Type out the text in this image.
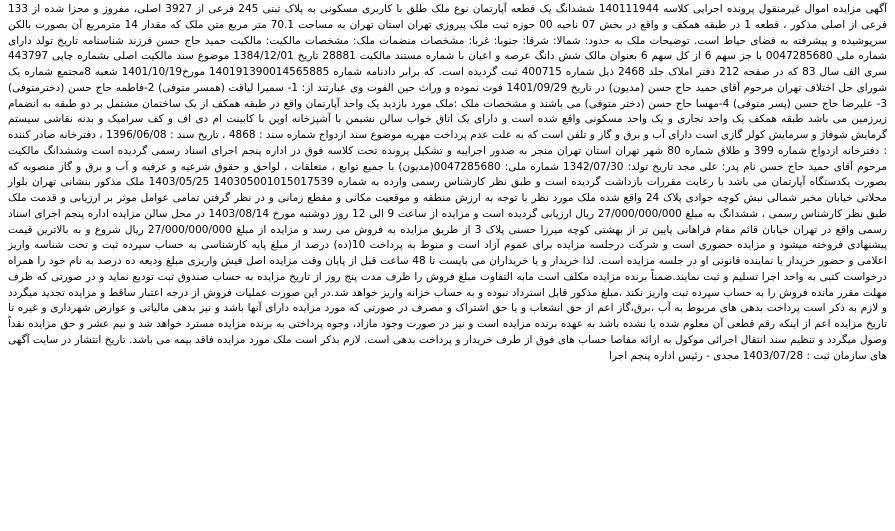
آگهی مزایده اموال غیرمنقول پرونده اجرایی کلاسه 140111944 ششدانگ یک قطعه آپارتمان نوع ملک طلق با کاربری مسکونی به پلاک ثبتی 245 فرعی از 3927 اصلی، مفروز و مجزا شده از 133 فرعی از اصلی مذکور ، قطعه 1 در طبقه همکف و واقع در بخش 07 ناحیه 00 حوزه ثبت ملک پیروزی تهران استان تهران به مساحت 70.1 متر مربع متن ملک که مقدار 14 مترمربع آن بصورت بالکن سرپوشیده و پیشرفته به فضای حیاط است. توضیحات ملک به حدود: شمالا: شرقا: جنوبا: غربا: مشخصات منضمات ملک: مشخصات مالکیت: مالکیت حمید حاج حسن فرزند شناسنامه تاریخ تولد دارای شماره ملی 0047285680 با جز سهم 6 از کل سهم 6 بعنوان مالک شش دانگ عرصه و اعیان با شماره مستند مالکیت 28881 تاریخ 1384/12/01 موضوع سند مالکیت اصلی بشماره چاپی 443797 سری الف سال 83 که در صفحه 212 دفتر املاک جلد 2468 ذیل شماره 400715 ثبت گردیده است. که برابر دادنامه شماره 140191390014565885 مورخ1401/10/19 شعبه 8مجتمع شماره یک شورای حل اختلاف تهران مرحوم آقای حمید حاج حسن (مدیون) در تاریخ 1401/09/29 فوت نموده و وراث حین الفوت وی عبارتند از: 1- سمیرا لیاقت (همسر متوفی) 2-فاطمه حاج حسن (دخترمتوفی) 3- علیرضا حاج حسن (پسر متوفی) 4-مهسا حاج حسن (دختر متوفی) می باشند و مشخصات ملک :ملک مورد بازدید یک واحد آپارتمان واقع در طبقه همکف از یک ساختمان مشتمل بر دو طبقه به انضمام زیرزمین می باشد طبقه همکف یک واحد تجاری و یک واحد مسکونی واقع شده است و دارای یک اتاق خواب سالن نشیمن با آشپزخانه اوپن با کابینت ام دی اف و کف سرامیک و بدنه نقاشی سیستم گرمایش شوفاژ و سرمایش کولر گازی است دارای آب و برق و گاز و تلفن است که به علت عدم پرداخت مهریه موضوع سند ازدواج شماره سند : 4868 ، تاریخ سند : 1396/06/08 ، دفترخانه صادر کننده : دفترخانه ازدواج شماره 399 و طلاق شماره 80 شهر تهران استان تهران منجر به صدور اجراییه و تشکیل پرونده تحت کلاسه فوق در اداره پنجم اجرای اسناد رسمی گردیده است وششدانگ مالکیت مرحوم آقای حمید حاج حسن نام پدر: علی مجد تاریخ تولد: 1342/07/30 شماره ملی: 0047285680(مدیون) با جمیع توابع ، متعلقات ، لواحق و حقوق شرعیه و عرفیه و آب و برق و گاز منصوبه که بصورت یکدستگاه آپارتمان می باشد با رعایت مقررات بازداشت گردیده است و طبق نظر کارشناس رسمی وارده به شماره 140305001015017539 1403/05/25 ملک مذکور بنشانی تهران بلوار محلاتی خیابان مخبر شمالی نبش کوچه جوادی پلاک 24 واقع شده ملک مورد نظر با توجه به ارزش منطقه و موقعیت مکانی و مقطع زمانی و در نظر گرفتن تمامی عوامل موثر بر ارزیابی و قدمت ملک طبق نظر کارشناس رسمی ، ششدانگ به مبلغ 27/000/000/000 ریال ارزیابی گردیده است و مزایده از ساعت 9 الی 12 روز دوشنبه مورخ 1403/08/14 در محل سالن مزایده اداره پنجم اجرای اسناد رسمی واقع در تهران خیابان قائم مقام فراهانی پایین تر از بهشتی کوچه میرزا حسنی پلاک 3 از طریق مزایده به فروش می رسد و مزایده از مبلغ 27/000/000/000 ریال شروع و به بالاترین قیمت پیشنهادی فروخته میشود و مزایده حضوری است و شرکت درجلسه مزایده برای عموم آزاد است و منوط به پرداخت 10(ده) درصد از مبلغ پایه کارشناسی به حساب سپرده ثبت و تحت شناسه واریز اعلامی و حضور خریدار یا نماینده قانونی او در جلسه مزایده است. لذا خریدار و یا خریداران می بایست تا 48 ساعت قبل از پایان وقت مزایده اصل فیش واریزی مبلغ ودیعه ده درصد به نام خود را همراه درخواست کتبی به واحد اجرا تسلیم و ثبت نمایند.ضمناً برنده مزایده مکلف است مابه التفاوت مبلغ فروش را ظرف مدت پنج روز از تاریخ مزایده به حساب صندوق ثبت تودیع نماید و در صورتی که ظرف مهلت مقرر مانده فروش را به حساب سپرده ثبت واریز نکند ،مبلغ مذکور قابل استرداد نبوده و به حساب خزانه واریز خواهد شد.در این صورت عملیات فروش از درجه اعتبار ساقط و مزایده تجدید میگردد و لازم به ذکر است پرداخت بدهی های مربوط به آب ،برق،گاز اعم از حق انشعاب و یا حق اشتراک و مصرف در صورتی که مورد مزایده دارای آنها باشد و نیز بدهی مالیاتی و عوارض شهرداری و غیره تا تاریخ مزایده اعم از اینکه رقم قطعی آن معلوم شده یا نشده باشد به عهده برنده مزایده است و نیز در صورت وجود مازاد، وجوه پرداختی به برنده مزایده مسترد خواهد شد و نیم عشر و حق مزایده نقداً وصول میگردد و تنظیم سند انتقال اجرائی موکول به ارائه مفاصا حساب های فوق از طرف خریدار و پرداخت بدهی است. لازم بذکر است ملک مورد مزایده فاقد بیمه می باشد. تاریخ انتشار در سایت آگهی های سازمان ثبت : 1403/07/28 مجدی - رئیس اداره پنجم اجرا
